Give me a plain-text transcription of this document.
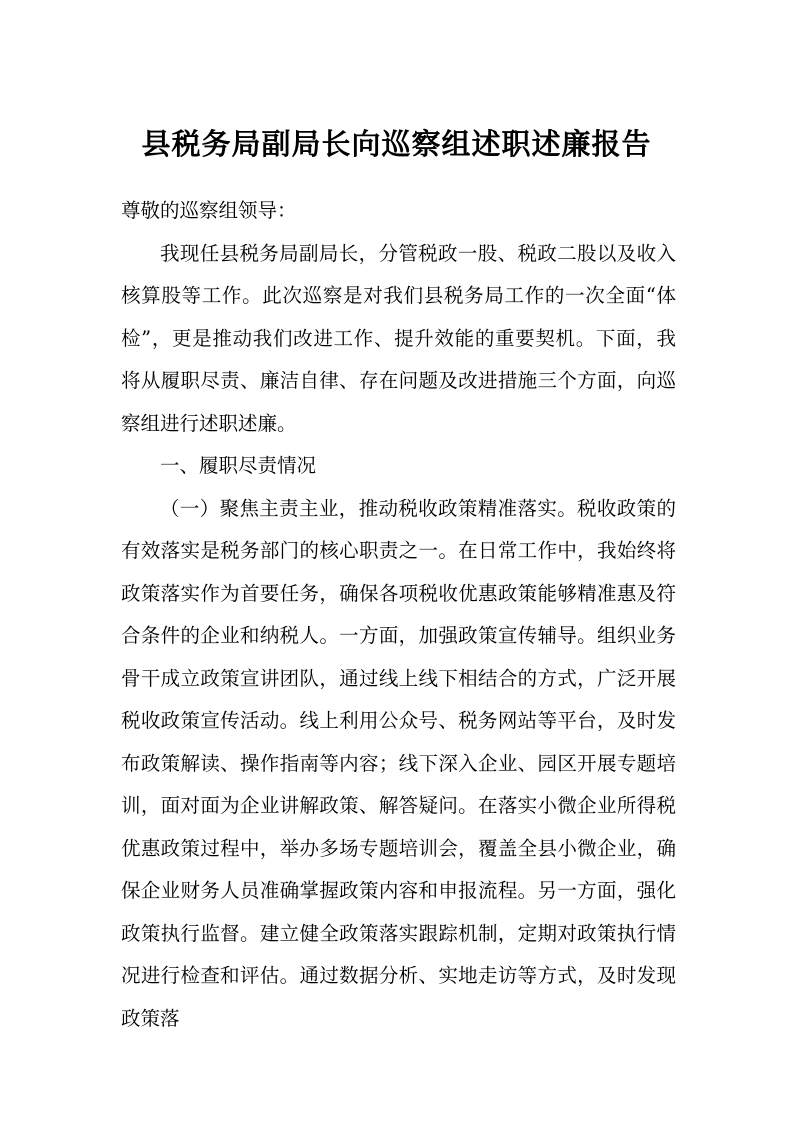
县税务局副局长向巡察组述职述廉报告

尊敬的巡察组领导：

我现任县税务局副局长，分管税政一股、税政二股以及收入核算股等工作。此次巡察是对我们县税务局工作的一次全面“体检”，更是推动我们改进工作、提升效能的重要契机。下面，我将从履职尽责、廉洁自律、存在问题及改进措施三个方面，向巡察组进行述职述廉。

一、履职尽责情况

（一）聚焦主责主业，推动税收政策精准落实。税收政策的有效落实是税务部门的核心职责之一。在日常工作中，我始终将政策落实作为首要任务，确保各项税收优惠政策能够精准惠及符合条件的企业和纳税人。一方面，加强政策宣传辅导。组织业务骨干成立政策宣讲团队，通过线上线下相结合的方式，广泛开展税收政策宣传活动。线上利用公众号、税务网站等平台，及时发布政策解读、操作指南等内容；线下深入企业、园区开展专题培训，面对面为企业讲解政策、解答疑问。在落实小微企业所得税优惠政策过程中，举办多场专题培训会，覆盖全县小微企业，确保企业财务人员准确掌握政策内容和申报流程。另一方面，强化政策执行监督。建立健全政策落实跟踪机制，定期对政策执行情况进行检查和评估。通过数据分析、实地走访等方式，及时发现政策落
